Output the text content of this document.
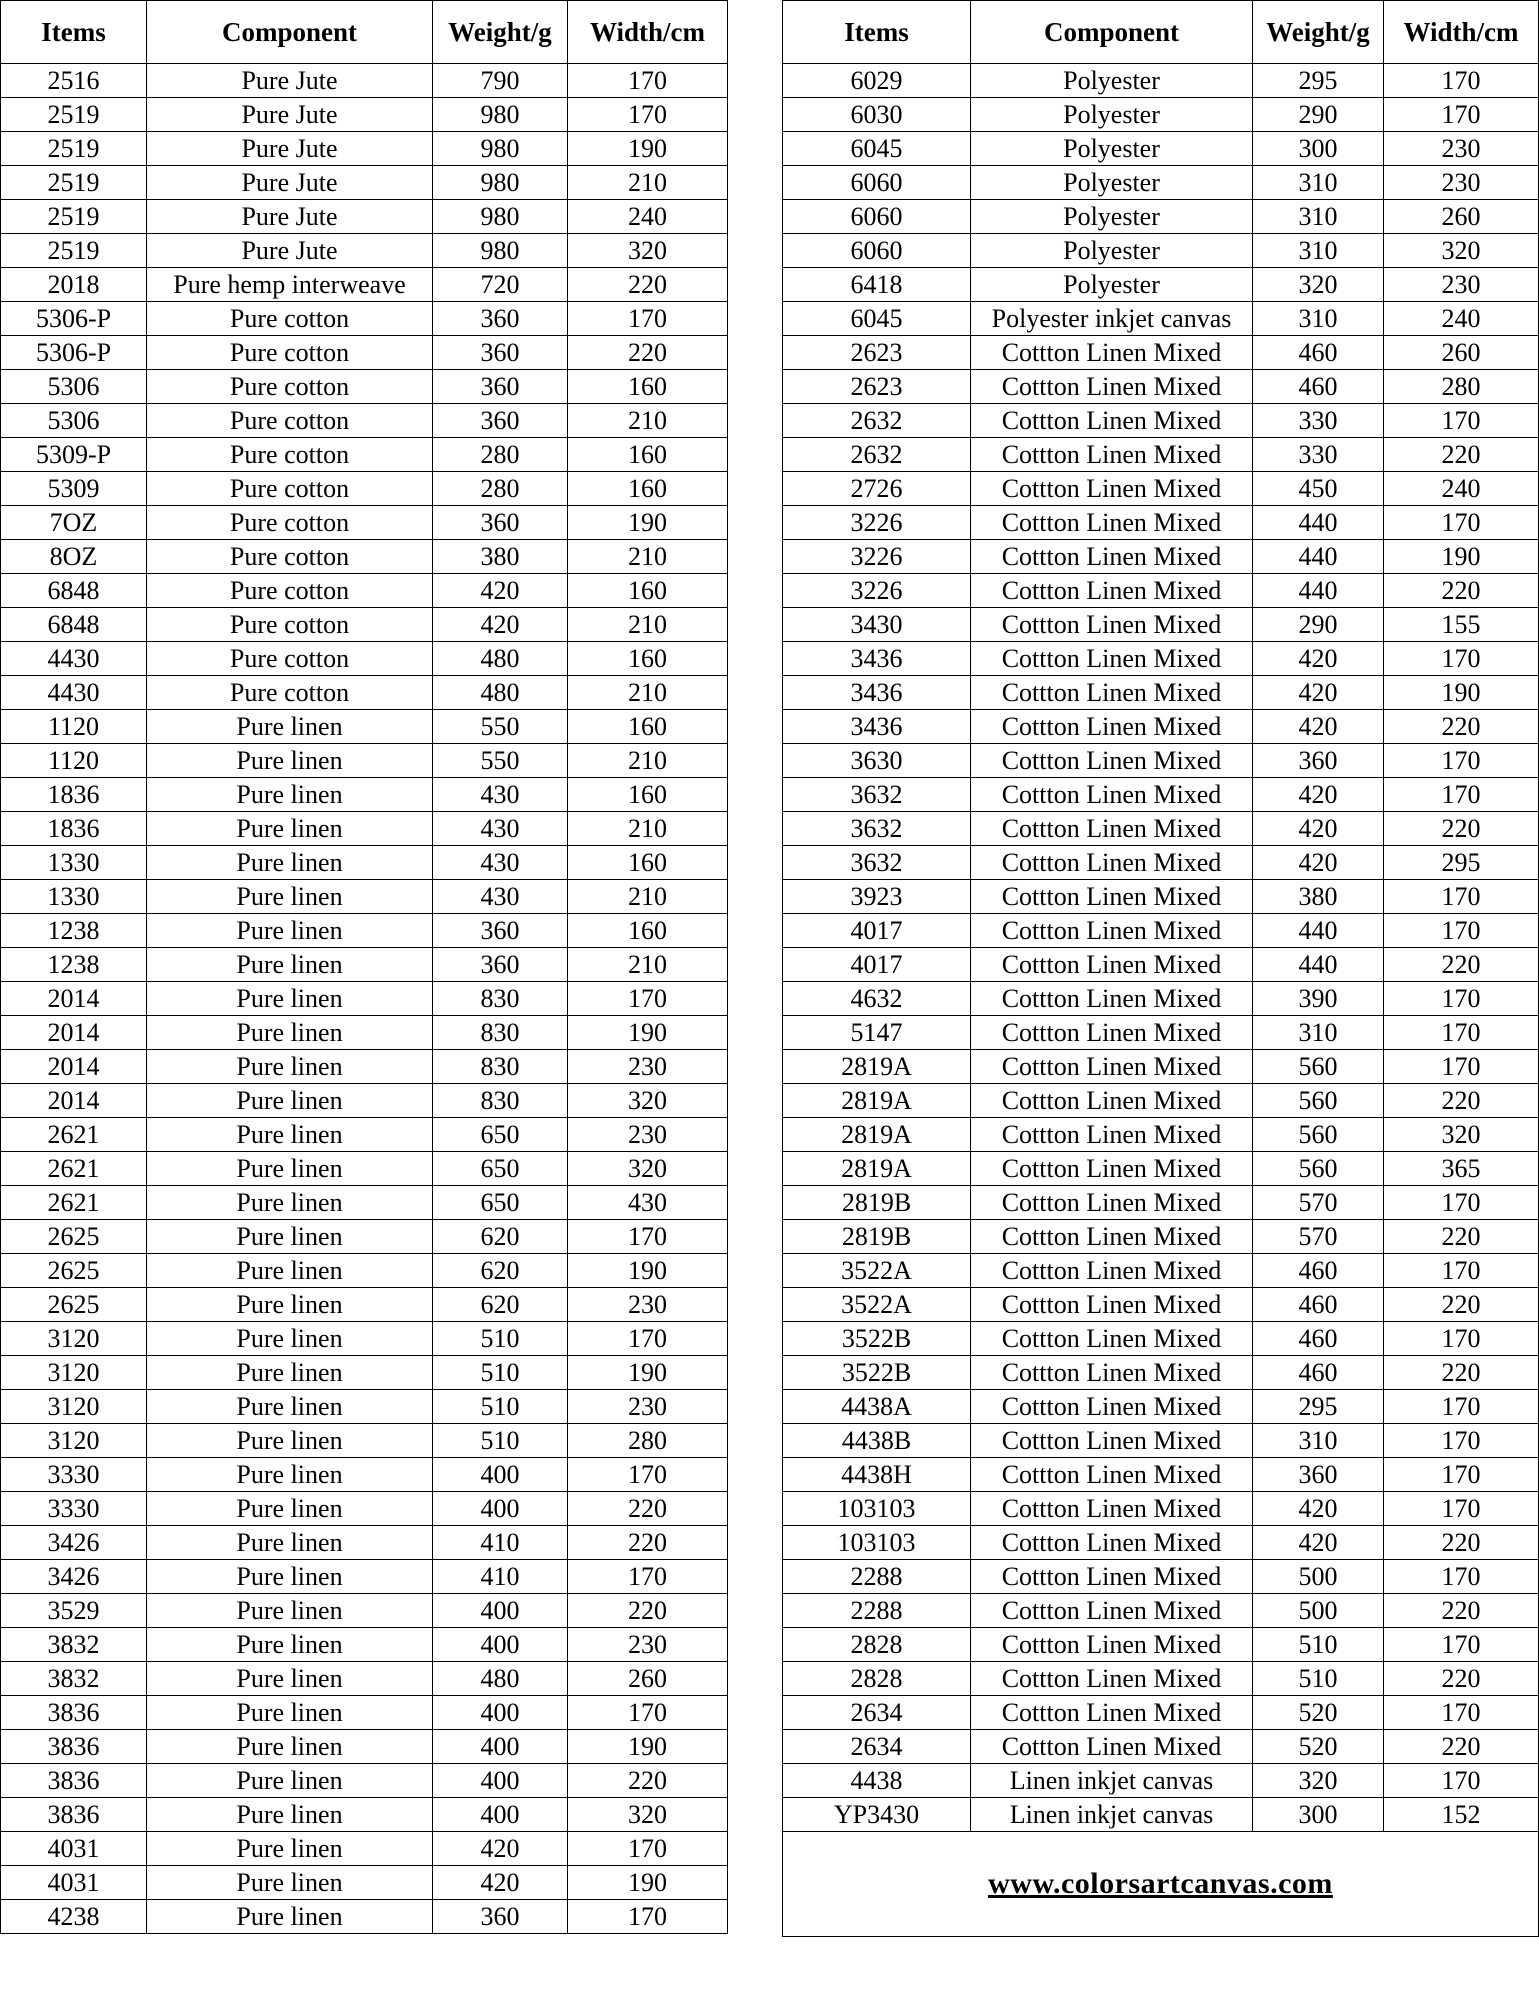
Items	Component	Weight/g	Width/cm
2516	Pure Jute	790	170
2519	Pure Jute	980	170
2519	Pure Jute	980	190
2519	Pure Jute	980	210
2519	Pure Jute	980	240
2519	Pure Jute	980	320
2018	Pure hemp interweave	720	220
5306-P	Pure cotton	360	170
5306-P	Pure cotton	360	220
5306	Pure cotton	360	160
5306	Pure cotton	360	210
5309-P	Pure cotton	280	160
5309	Pure cotton	280	160
7OZ	Pure cotton	360	190
8OZ	Pure cotton	380	210
6848	Pure cotton	420	160
6848	Pure cotton	420	210
4430	Pure cotton	480	160
4430	Pure cotton	480	210
1120	Pure linen	550	160
1120	Pure linen	550	210
1836	Pure linen	430	160
1836	Pure linen	430	210
1330	Pure linen	430	160
1330	Pure linen	430	210
1238	Pure linen	360	160
1238	Pure linen	360	210
2014	Pure linen	830	170
2014	Pure linen	830	190
2014	Pure linen	830	230
2014	Pure linen	830	320
2621	Pure linen	650	230
2621	Pure linen	650	320
2621	Pure linen	650	430
2625	Pure linen	620	170
2625	Pure linen	620	190
2625	Pure linen	620	230
3120	Pure linen	510	170
3120	Pure linen	510	190
3120	Pure linen	510	230
3120	Pure linen	510	280
3330	Pure linen	400	170
3330	Pure linen	400	220
3426	Pure linen	410	220
3426	Pure linen	410	170
3529	Pure linen	400	220
3832	Pure linen	400	230
3832	Pure linen	480	260
3836	Pure linen	400	170
3836	Pure linen	400	190
3836	Pure linen	400	220
3836	Pure linen	400	320
4031	Pure linen	420	170
4031	Pure linen	420	190
4238	Pure linen	360	170
Items	Component	Weight/g	Width/cm
6029	Polyester	295	170
6030	Polyester	290	170
6045	Polyester	300	230
6060	Polyester	310	230
6060	Polyester	310	260
6060	Polyester	310	320
6418	Polyester	320	230
6045	Polyester inkjet canvas	310	240
2623	Cottton Linen Mixed	460	260
2623	Cottton Linen Mixed	460	280
2632	Cottton Linen Mixed	330	170
2632	Cottton Linen Mixed	330	220
2726	Cottton Linen Mixed	450	240
3226	Cottton Linen Mixed	440	170
3226	Cottton Linen Mixed	440	190
3226	Cottton Linen Mixed	440	220
3430	Cottton Linen Mixed	290	155
3436	Cottton Linen Mixed	420	170
3436	Cottton Linen Mixed	420	190
3436	Cottton Linen Mixed	420	220
3630	Cottton Linen Mixed	360	170
3632	Cottton Linen Mixed	420	170
3632	Cottton Linen Mixed	420	220
3632	Cottton Linen Mixed	420	295
3923	Cottton Linen Mixed	380	170
4017	Cottton Linen Mixed	440	170
4017	Cottton Linen Mixed	440	220
4632	Cottton Linen Mixed	390	170
5147	Cottton Linen Mixed	310	170
2819A	Cottton Linen Mixed	560	170
2819A	Cottton Linen Mixed	560	220
2819A	Cottton Linen Mixed	560	320
2819A	Cottton Linen Mixed	560	365
2819B	Cottton Linen Mixed	570	170
2819B	Cottton Linen Mixed	570	220
3522A	Cottton Linen Mixed	460	170
3522A	Cottton Linen Mixed	460	220
3522B	Cottton Linen Mixed	460	170
3522B	Cottton Linen Mixed	460	220
4438A	Cottton Linen Mixed	295	170
4438B	Cottton Linen Mixed	310	170
4438H	Cottton Linen Mixed	360	170
103103	Cottton Linen Mixed	420	170
103103	Cottton Linen Mixed	420	220
2288	Cottton Linen Mixed	500	170
2288	Cottton Linen Mixed	500	220
2828	Cottton Linen Mixed	510	170
2828	Cottton Linen Mixed	510	220
2634	Cottton Linen Mixed	520	170
2634	Cottton Linen Mixed	520	220
4438	Linen inkjet canvas	320	170
YP3430	Linen inkjet canvas	300	152
www.colorsartcanvas.com			
